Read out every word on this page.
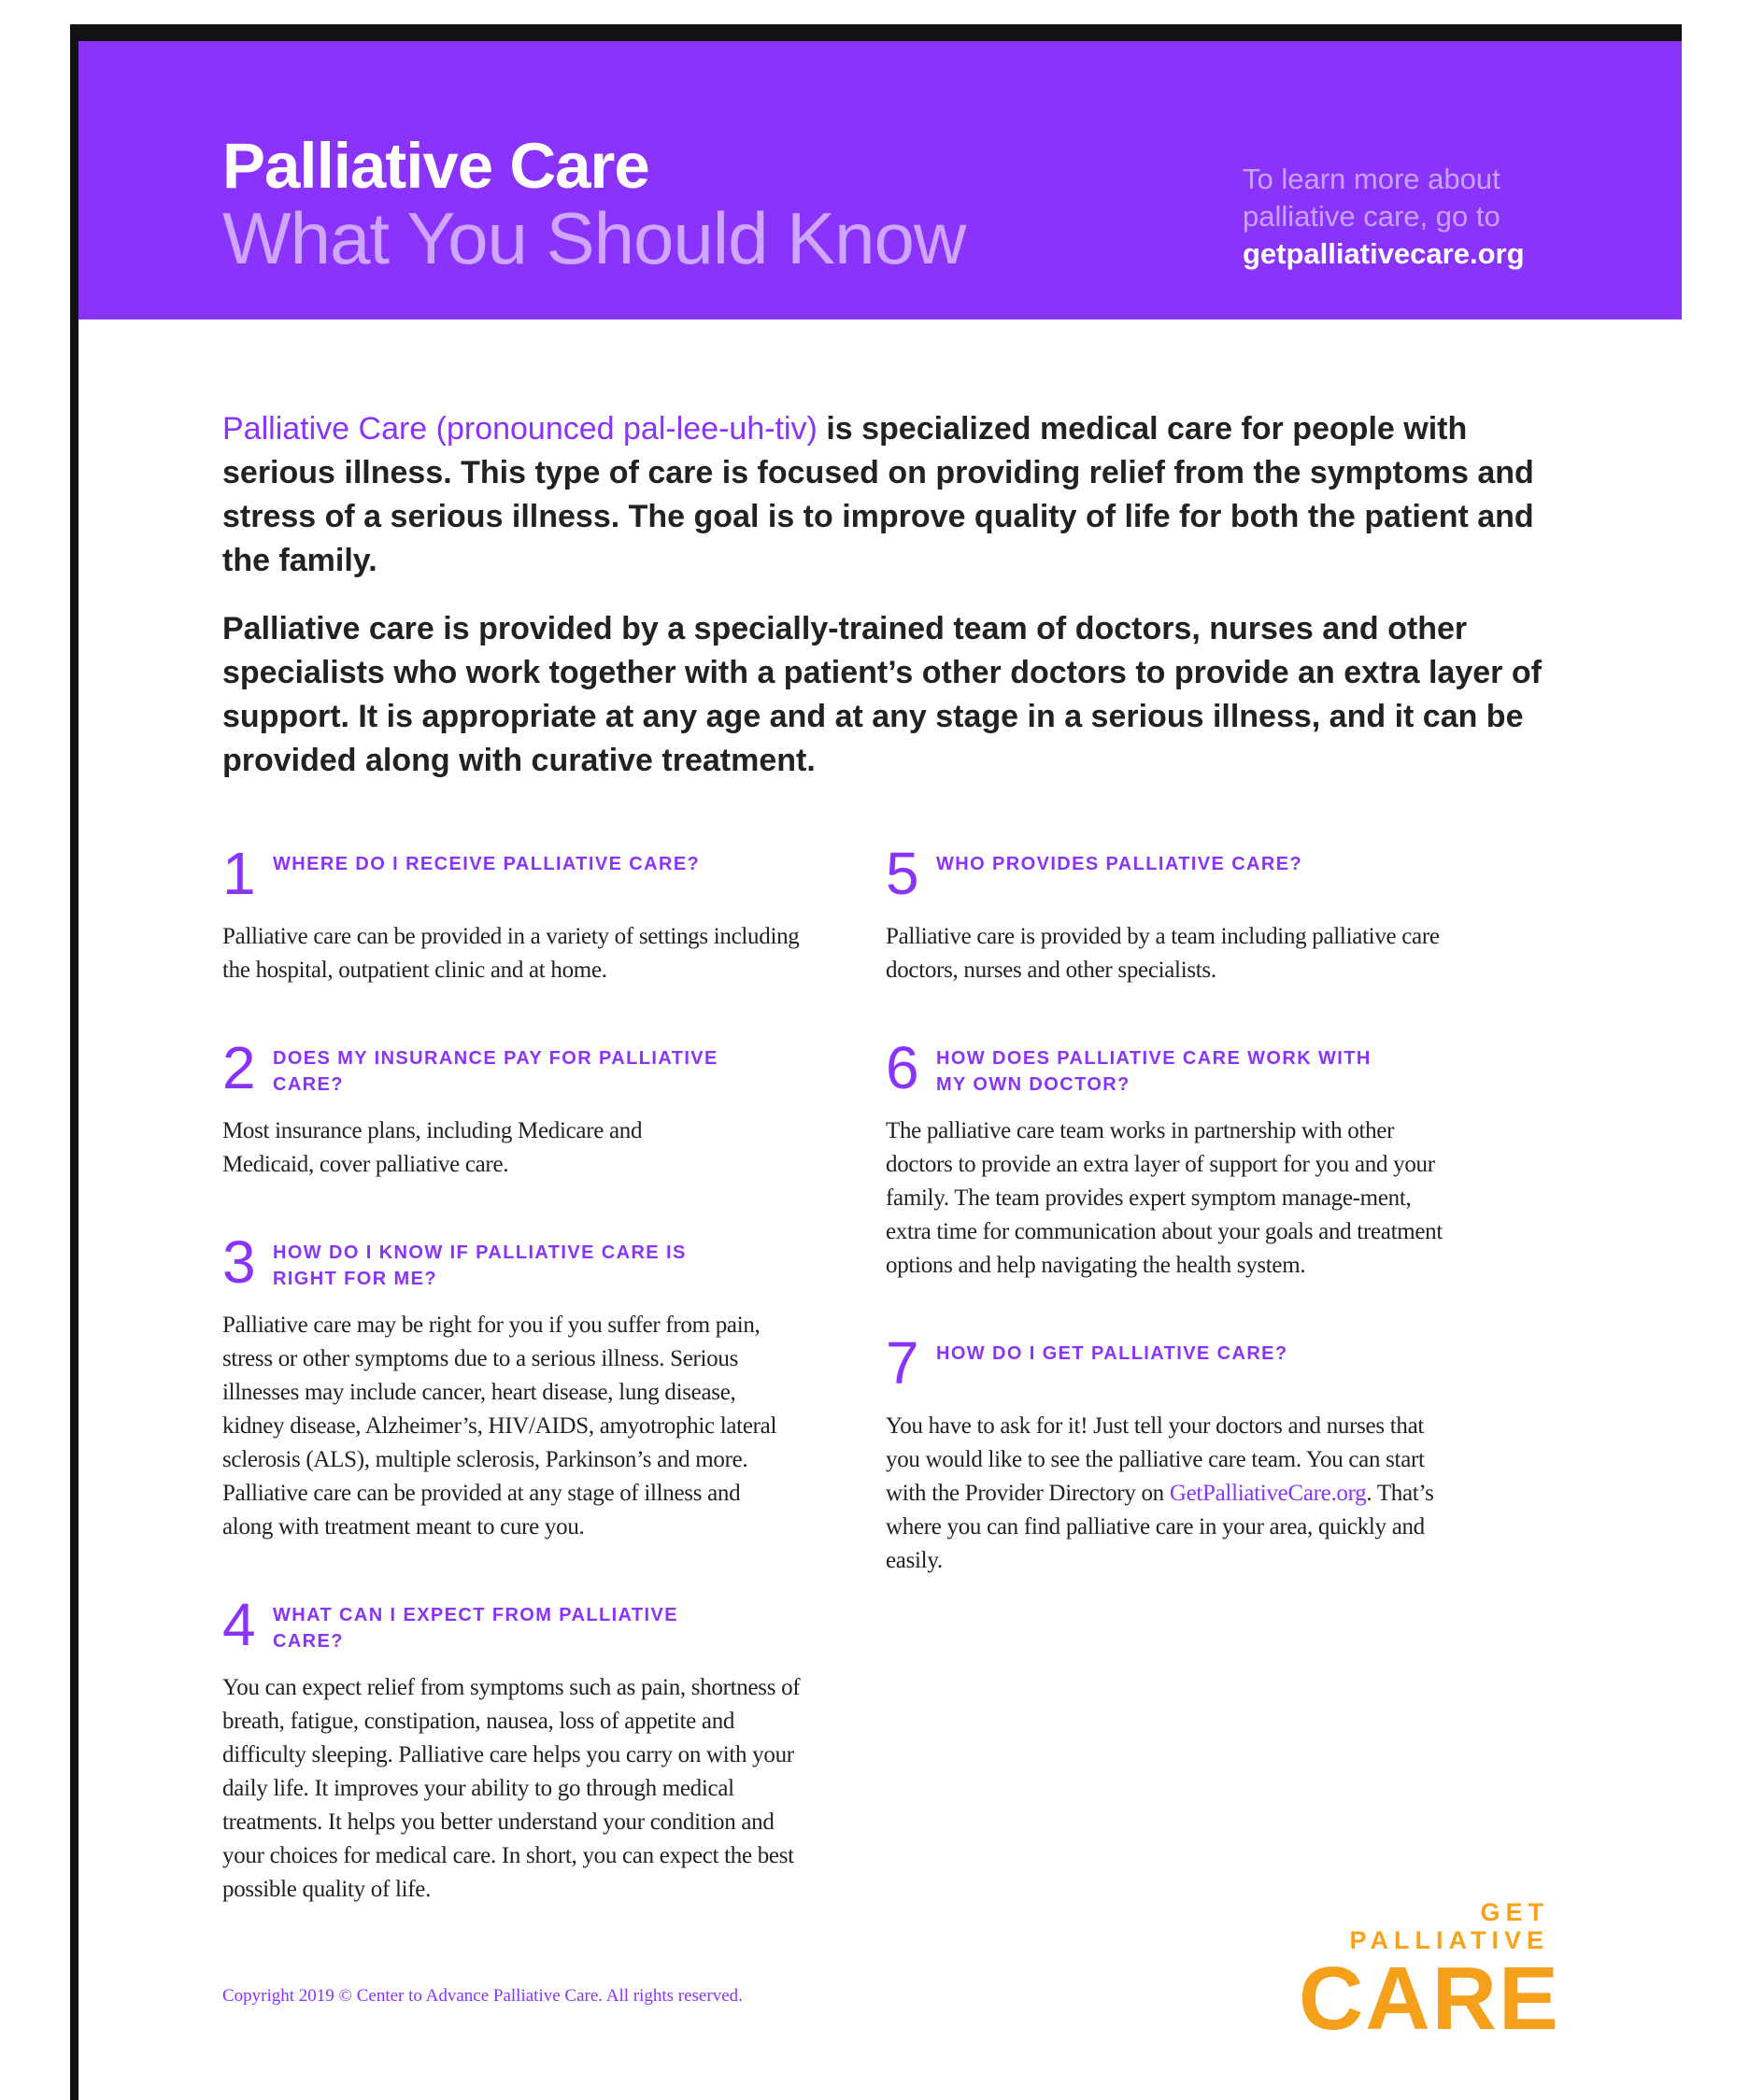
Palliative Care
What You Should Know
To learn more about
palliative care, go to
getpalliativecare.org

Palliative Care (pronounced pal-lee-uh-tiv) is specialized medical care for people with serious illness. This type of care is focused on providing relief from the symptoms and stress of a serious illness. The goal is to improve quality of life for both the patient and the family.

Palliative care is provided by a specially-trained team of doctors, nurses and other specialists who work together with a patient’s other doctors to provide an extra layer of support. It is appropriate at any age and at any stage in a serious illness, and it can be provided along with curative treatment.

1 WHERE DO I RECEIVE PALLIATIVE CARE?
Palliative care can be provided in a variety of settings including the hospital, outpatient clinic and at home.
2 DOES MY INSURANCE PAY FOR PALLIATIVE CARE?
Most insurance plans, including Medicare and Medicaid, cover palliative care.
3 HOW DO I KNOW IF PALLIATIVE CARE IS RIGHT FOR ME?
Palliative care may be right for you if you suffer from pain, stress or other symptoms due to a serious illness. Serious illnesses may include cancer, heart disease, lung disease, kidney disease, Alzheimer’s, HIV/AIDS, amyotrophic lateral sclerosis (ALS), multiple sclerosis, Parkinson’s and more. Palliative care can be provided at any stage of illness and along with treatment meant to cure you.
4 WHAT CAN I EXPECT FROM PALLIATIVE CARE?
You can expect relief from symptoms such as pain, shortness of breath, fatigue, constipation, nausea, loss of appetite and difficulty sleeping. Palliative care helps you carry on with your daily life. It improves your ability to go through medical treatments. It helps you better understand your condition and your choices for medical care. In short, you can expect the best possible quality of life.
5 WHO PROVIDES PALLIATIVE CARE?
Palliative care is provided by a team including palliative care doctors, nurses and other specialists.
6 HOW DOES PALLIATIVE CARE WORK WITH MY OWN DOCTOR?
The palliative care team works in partnership with other doctors to provide an extra layer of support for you and your family. The team provides expert symptom manage-ment, extra time for communication about your goals and treatment options and help navigating the health system.
7 HOW DO I GET PALLIATIVE CARE?
You have to ask for it! Just tell your doctors and nurses that you would like to see the palliative care team. You can start with the Provider Directory on GetPalliativeCare.org. That’s where you can find palliative care in your area, quickly and easily.
Copyright 2019 © Center to Advance Palliative Care. All rights reserved.
GET PALLIATIVE
CARE
